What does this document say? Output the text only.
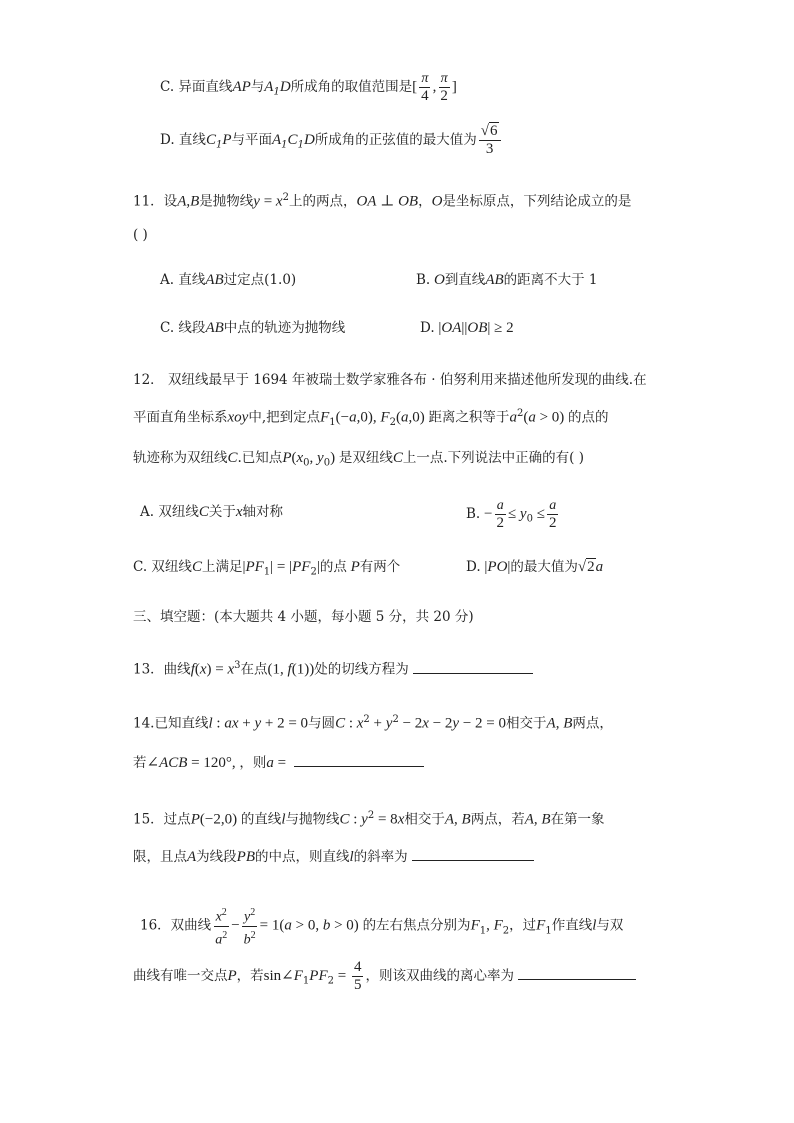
C. 异面直线AP与$A_1D$所成角的取值范围是[ $\frac{\pi}{4}$ , $\frac{\pi}{2}$ ]
D. 直线$C_1P$与平面$A_1C_1D$所成角的正弦值的最大值为 $\frac{√6}{3}$
11．设A,B是抛物线$y = x^2$上的两点，OA ⊥ OB，O是坐标原点，下列结论成立的是
( )
A. 直线AB过定点(1.0)	B. O到直线AB的距离不大于 1
C. 线段AB中点的轨迹为抛物线	D. |OA||OB| ≥ 2
12． 双纽线最早于 1694 年被瑞士数学家雅各布 · 伯努利用来描述他所发现的曲线.在
平面直角坐标系xoy中,把到定点$F_1(-a,0)$, $F_2(a,0)$ 距离之积等于$a^2(a > 0)$ 的点的
轨迹称为双纽线C.已知点$P(x_0$, $y_0$) 是双纽线C上一点.下列说法中正确的有( )
A. 双纽线C关于x轴对称	B. − $\frac{a}{2} \le y_0 \le \frac{a}{2}$
C. 双纽线C上满足$|PF_1| = |PF_2|$的点 P有两个	D. |PO|的最大值为√2a
三、填空题：(本大题共 4 小题，每小题 5 分，共 20 分)
13．曲线$f(x) = x^3$在点(1, f(1))处的切线方程为
14.已知直线l : ax + y + 2 = 0与圆C : $x^2 + y^2 - 2x - 2y - 2 = 0$相交于A, B两点，
若∠ACB = 120°, ，则a =
15．过点P(−2,0) 的直线l与抛物线C : $y^2 = 8x$相交于A, B两点，若A, B在第一象
限，且点A为线段PB的中点，则直线l的斜率为
16．双曲线 $\frac{x^2}{a^2} - \frac{y^2}{b^2} = 1(a > 0$, b > 0) 的左右焦点分别为$F_1$, $F_2$，过$F_1$作直线l与双
曲线有唯一交点P，若$\sin\angle F_1PF_2 = \frac{4}{5}$ ，则该双曲线的离心率为
